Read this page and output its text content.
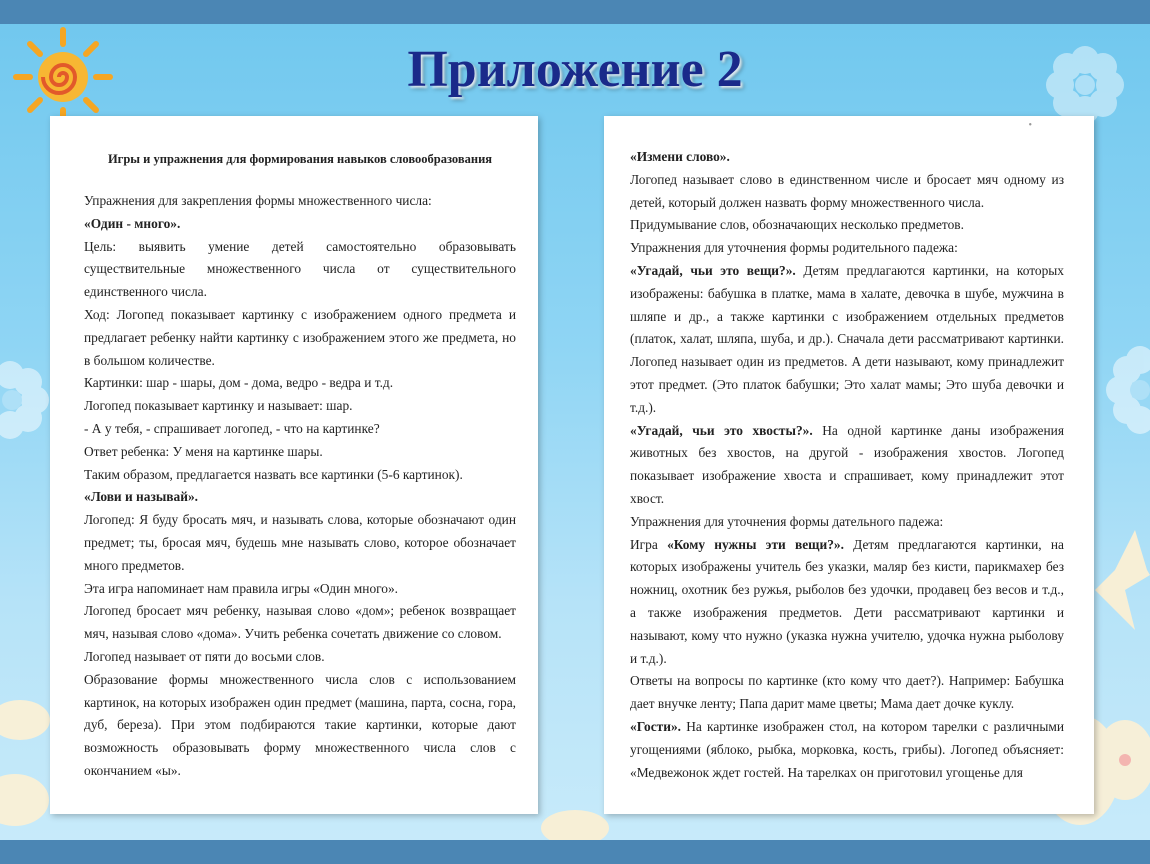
Приложение 2
Игры и упражнения для формирования навыков словообразования
Упражнения для закрепления формы множественного числа:
«Один - много».
Цель: выявить умение детей самостоятельно образовывать существительные множественного числа от существительного единственного числа.
Ход: Логопед показывает картинку с изображением одного предмета и предлагает ребенку найти картинку с изображением этого же предмета, но в большом количестве.
Картинки: шар - шары, дом - дома, ведро - ведра и т.д.
Логопед показывает картинку и называет: шар.
- А у тебя, - спрашивает логопед, - что на картинке?
Ответ ребенка: У меня на картинке шары.
Таким образом, предлагается назвать все картинки (5-6 картинок).
«Лови и называй».
Логопед: Я буду бросать мяч, и называть слова, которые обозначают один предмет; ты, бросая мяч, будешь мне называть слово, которое обозначает много предметов.
Эта игра напоминает нам правила игры «Один много».
Логопед бросает мяч ребенку, называя слово «дом»; ребенок возвращает мяч, называя слово «дома». Учить ребенка сочетать движение со словом.
Логопед называет от пяти до восьми слов.
Образование формы множественного числа слов с использованием картинок, на которых изображен один предмет (машина, парта, сосна, гора, дуб, береза). При этом подбираются такие картинки, которые дают возможность образовывать форму множественного числа слов с окончанием «ы».
•
«Измени слово».
Логопед называет слово в единственном числе и бросает мяч одному из детей, который должен назвать форму множественного числа.
Придумывание слов, обозначающих несколько предметов.
Упражнения для уточнения формы родительного падежа:
«Угадай, чьи это вещи?». Детям предлагаются картинки, на которых изображены: бабушка в платке, мама в халате, девочка в шубе, мужчина в шляпе и др., а также картинки с изображением отдельных предметов (платок, халат, шляпа, шуба, и др.). Сначала дети рассматривают картинки. Логопед называет один из предметов. А дети называют, кому принадлежит этот предмет. (Это платок бабушки; Это халат мамы; Это шуба девочки и т.д.).
«Угадай, чьи это хвосты?». На одной картинке даны изображения животных без хвостов, на другой - изображения хвостов. Логопед показывает изображение хвоста и спрашивает, кому принадлежит этот хвост.
Упражнения для уточнения формы дательного падежа:
Игра «Кому нужны эти вещи?». Детям предлагаются картинки, на которых изображены учитель без указки, маляр без кисти, парикмахер без ножниц, охотник без ружья, рыболов без удочки, продавец без весов и т.д., а также изображения предметов. Дети рассматривают картинки и называют, кому что нужно (указка нужна учителю, удочка нужна рыболову и т.д.).
Ответы на вопросы по картинке (кто кому что дает?). Например: Бабушка дает внучке ленту; Папа дарит маме цветы; Мама дает дочке куклу.
«Гости». На картинке изображен стол, на котором тарелки с различными угощениями (яблоко, рыбка, морковка, кость, грибы). Логопед объясняет: «Медвежонок ждет гостей. На тарелках он приготовил угощенье для
